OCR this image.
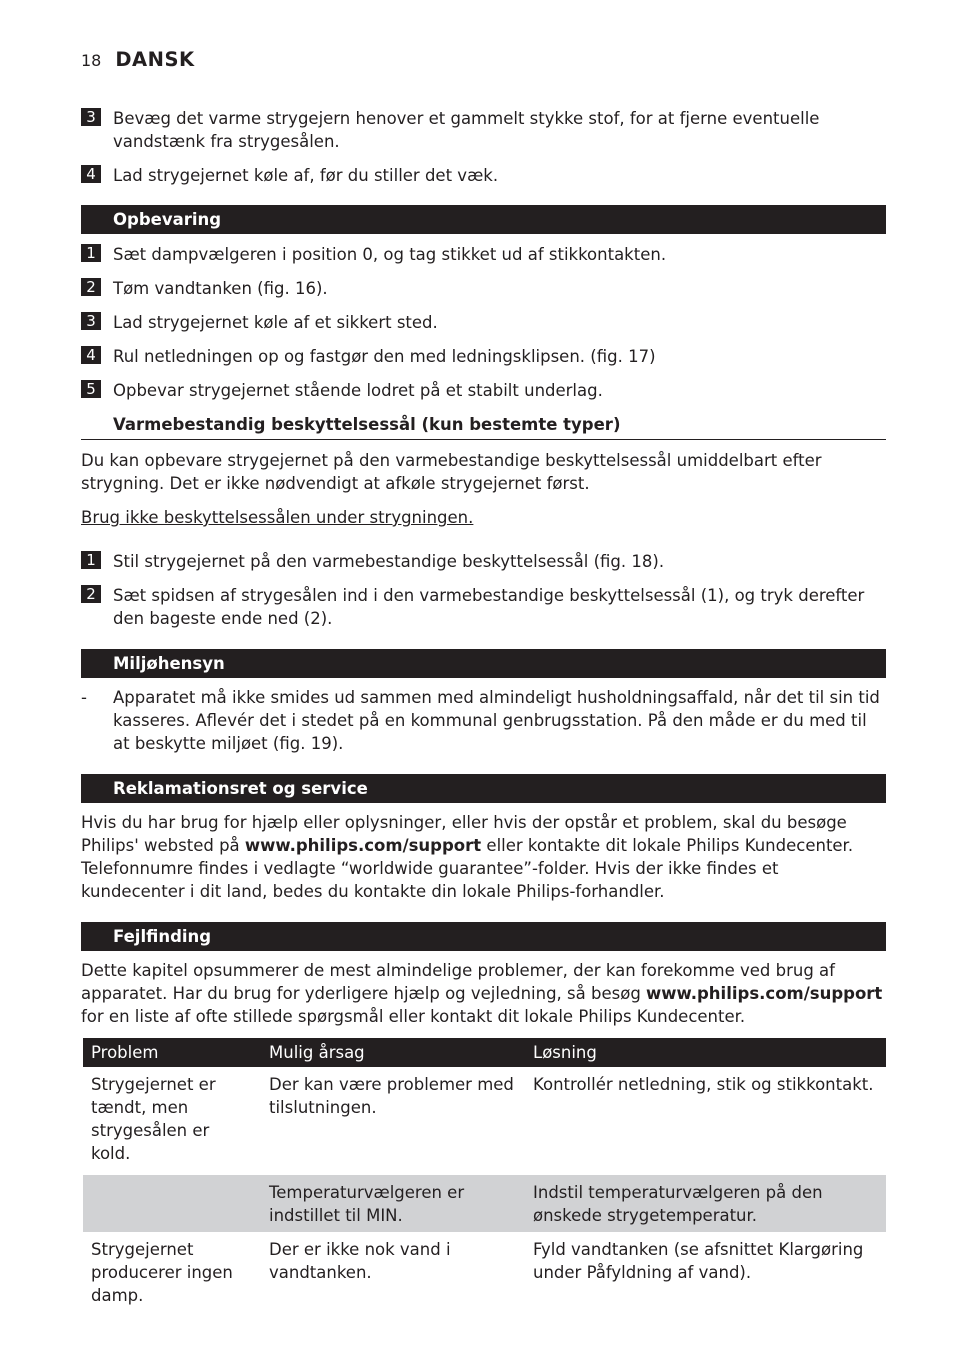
18 DANSK
3	Bevæg det varme strygejern henover et gammelt stykke stof, for at fjerne eventuelle vandstænk fra strygesålen.
4	Lad strygejernet køle af, før du stiller det væk.
Opbevaring
1	Sæt dampvælgeren i position 0, og tag stikket ud af stikkontakten.
2	Tøm vandtanken (fig. 16).
3	Lad strygejernet køle af et sikkert sted.
4	Rul netledningen op og fastgør den med ledningsklipsen. (fig. 17)
5	Opbevar strygejernet stående lodret på et stabilt underlag.
Varmebestandig beskyttelsessål (kun bestemte typer)
Du kan opbevare strygejernet på den varmebestandige beskyttelsessål umiddelbart efter strygning. Det er ikke nødvendigt at afkøle strygejernet først.
Brug ikke beskyttelsessålen under strygningen.
1	Stil strygejernet på den varmebestandige beskyttelsessål (fig. 18).
2	Sæt spidsen af strygesålen ind i den varmebestandige beskyttelsessål (1), og tryk derefter den bageste ende ned (2).
Miljøhensyn
-	Apparatet må ikke smides ud sammen med almindeligt husholdningsaffald, når det til sin tid kasseres. Aflevér det i stedet på en kommunal genbrugsstation. På den måde er du med til at beskytte miljøet (fig. 19).
Reklamationsret og service
Hvis du har brug for hjælp eller oplysninger, eller hvis der opstår et problem, skal du besøge Philips' websted på www.philips.com/support eller kontakte dit lokale Philips Kundecenter. Telefonnumre findes i vedlagte “worldwide guarantee”-folder. Hvis der ikke findes et kundecenter i dit land, bedes du kontakte din lokale Philips-forhandler.
Fejlfinding
Dette kapitel opsummerer de mest almindelige problemer, der kan forekomme ved brug af apparatet. Har du brug for yderligere hjælp og vejledning, så besøg www.philips.com/support for en liste af ofte stillede spørgsmål eller kontakt dit lokale Philips Kundecenter.
Problem	Mulig årsag	Løsning
Strygejernet er tændt, men strygesålen er kold.	Der kan være problemer med tilslutningen.	Kontrollér netledning, stik og stikkontakt.
	Temperaturvælgeren er indstillet til MIN.	Indstil temperaturvælgeren på den ønskede strygetemperatur.
Strygejernet producerer ingen damp.	Der er ikke nok vand i vandtanken.	Fyld vandtanken (se afsnittet Klargøring under Påfyldning af vand).
